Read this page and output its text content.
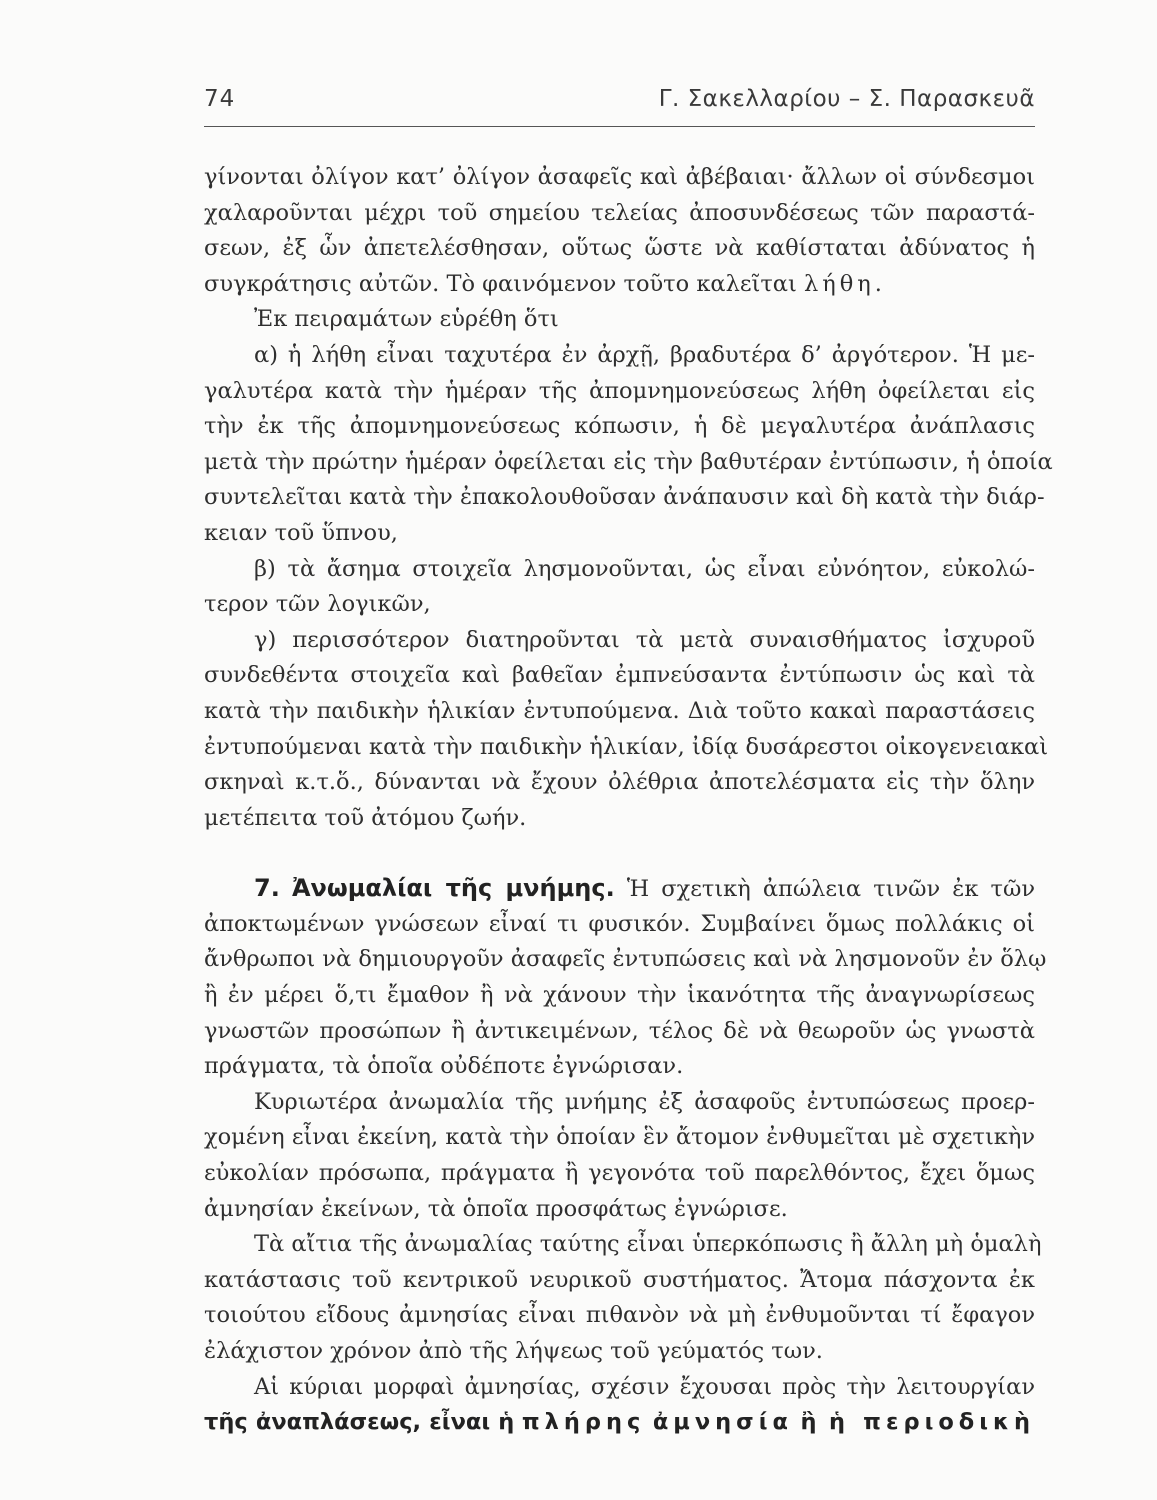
74	Γ. Σακελλαρίου – Σ. Παρασκευᾶ
γίνονται ὀλίγον κατ’ ὀλίγον ἀσαφεῖς καὶ ἀβέβαιαι· ἄλλων οἱ σύνδεσμοι
χαλαροῦνται μέχρι τοῦ σημείου τελείας ἀποσυνδέσεως τῶν παραστά-
σεων, ἐξ ὧν ἀπετελέσθησαν, οὕτως ὥστε νὰ καθίσταται ἀδύνατος ἡ
συγκράτησις αὐτῶν. Τὸ φαινόμενον τοῦτο καλεῖται λήθη.
Ἐκ πειραμάτων εὑρέθη ὅτι
α) ἡ λήθη εἶναι ταχυτέρα ἐν ἀρχῇ, βραδυτέρα δ’ ἀργότερον. Ἡ με-
γαλυτέρα κατὰ τὴν ἡμέραν τῆς ἀπομνημονεύσεως λήθη ὀφείλεται εἰς
τὴν ἐκ τῆς ἀπομνημονεύσεως κόπωσιν, ἡ δὲ μεγαλυτέρα ἀνάπλασις
μετὰ τὴν πρώτην ἡμέραν ὀφείλεται εἰς τὴν βαθυτέραν ἐντύπωσιν, ἡ ὁποία
συντελεῖται κατὰ τὴν ἐπακολουθοῦσαν ἀνάπαυσιν καὶ δὴ κατὰ τὴν διάρ-
κειαν τοῦ ὕπνου,
β) τὰ ἄσημα στοιχεῖα λησμονοῦνται, ὡς εἶναι εὐνόητον, εὐκολώ-
τερον τῶν λογικῶν,
γ) περισσότερον διατηροῦνται τὰ μετὰ συναισθήματος ἰσχυροῦ
συνδεθέντα στοιχεῖα καὶ βαθεῖαν ἐμπνεύσαντα ἐντύπωσιν ὡς καὶ τὰ
κατὰ τὴν παιδικὴν ἡλικίαν ἐντυπούμενα. Διὰ τοῦτο κακαὶ παραστάσεις
ἐντυπούμεναι κατὰ τὴν παιδικὴν ἡλικίαν, ἰδίᾳ δυσάρεστοι οἰκογενειακαὶ
σκηναὶ κ.τ.ὅ., δύνανται νὰ ἔχουν ὀλέθρια ἀποτελέσματα εἰς τὴν ὅλην
μετέπειτα τοῦ ἀτόμου ζωήν.
7. Ἀνωμαλίαι τῆς μνήμης. Ἡ σχετικὴ ἀπώλεια τινῶν ἐκ τῶν
ἀποκτωμένων γνώσεων εἶναί τι φυσικόν. Συμβαίνει ὅμως πολλάκις οἱ
ἄνθρωποι νὰ δημιουργοῦν ἀσαφεῖς ἐντυπώσεις καὶ νὰ λησμονοῦν ἐν ὅλῳ
ἢ ἐν μέρει ὅ,τι ἔμαθον ἢ νὰ χάνουν τὴν ἱκανότητα τῆς ἀναγνωρίσεως
γνωστῶν προσώπων ἢ ἀντικειμένων, τέλος δὲ νὰ θεωροῦν ὡς γνωστὰ
πράγματα, τὰ ὁποῖα οὐδέποτε ἐγνώρισαν.
Κυριωτέρα ἀνωμαλία τῆς μνήμης ἐξ ἀσαφοῦς ἐντυπώσεως προερ-
χομένη εἶναι ἐκείνη, κατὰ τὴν ὁποίαν ἓν ἄτομον ἐνθυμεῖται μὲ σχετικὴν
εὐκολίαν πρόσωπα, πράγματα ἢ γεγονότα τοῦ παρελθόντος, ἔχει ὅμως
ἀμνησίαν ἐκείνων, τὰ ὁποῖα προσφάτως ἐγνώρισε.
Τὰ αἴτια τῆς ἀνωμαλίας ταύτης εἶναι ὑπερκόπωσις ἢ ἄλλη μὴ ὁμαλὴ
κατάστασις τοῦ κεντρικοῦ νευρικοῦ συστήματος. Ἄτομα πάσχοντα ἐκ
τοιούτου εἴδους ἀμνησίας εἶναι πιθανὸν νὰ μὴ ἐνθυμοῦνται τί ἔφαγον
ἐλάχιστον χρόνον ἀπὸ τῆς λήψεως τοῦ γεύματός των.
Αἱ κύριαι μορφαὶ ἀμνησίας, σχέσιν ἔχουσαι πρὸς τὴν λειτουργίαν
τῆς ἀναπλάσεως, εἶναι ἡ πλήρης ἀμνησία ἢ ἡ περιοδικὴ
